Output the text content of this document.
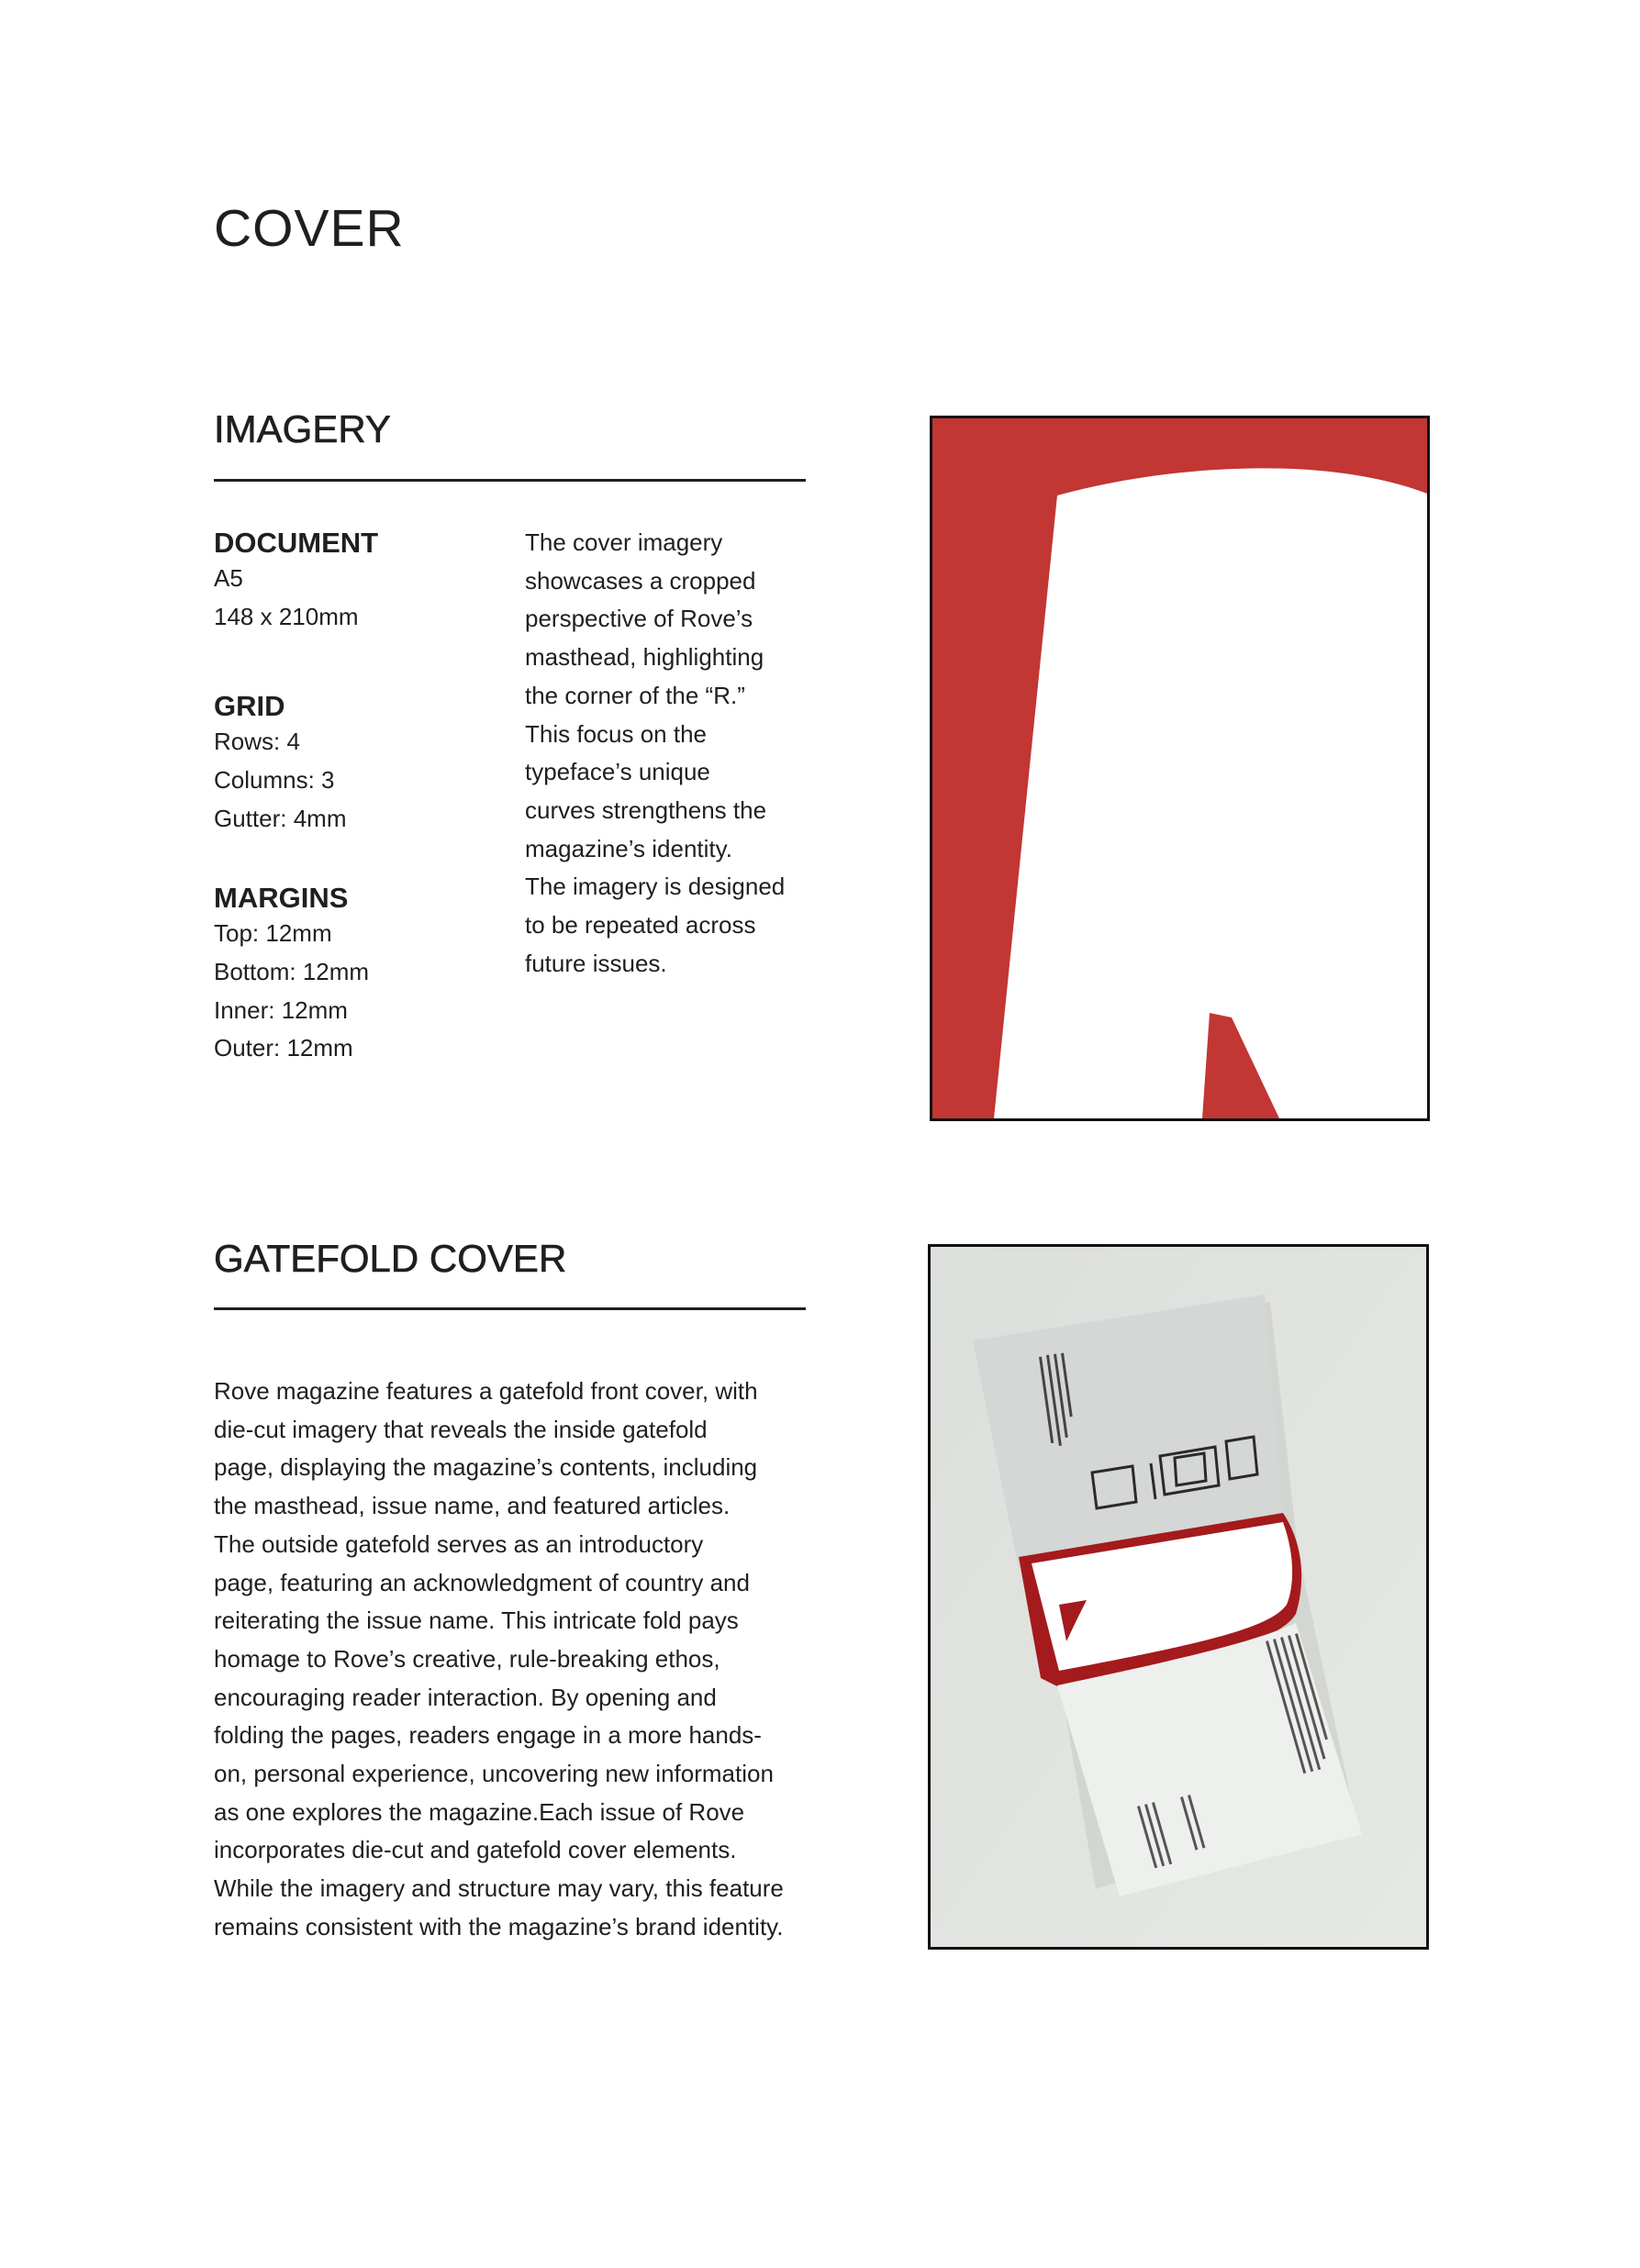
COVER
IMAGERY
DOCUMENT
A5
148 x 210mm
GRID
Rows: 4
Columns: 3
Gutter: 4mm
MARGINS
Top: 12mm
Bottom: 12mm
Inner: 12mm
Outer: 12mm
The cover imagery
showcases a cropped
perspective of Rove’s
masthead, highlighting
the corner of the “R.”
This focus on the
typeface’s unique
curves strengthens the
magazine’s identity.
The imagery is designed
to be repeated across
future issues.
GATEFOLD COVER
Rove magazine features a gatefold front cover, with
die-cut imagery that reveals the inside gatefold
page, displaying the magazine’s contents, including
the masthead, issue name, and featured articles.
The outside gatefold serves as an introductory
page, featuring an acknowledgment of country and
reiterating the issue name. This intricate fold pays
homage to Rove’s creative, rule-breaking ethos,
encouraging reader interaction. By opening and
folding the pages, readers engage in a more hands-
on, personal experience, uncovering new information
as one explores the magazine.Each issue of Rove
incorporates die-cut and gatefold cover elements.
While the imagery and structure may vary, this feature
remains consistent with the magazine’s brand identity.
